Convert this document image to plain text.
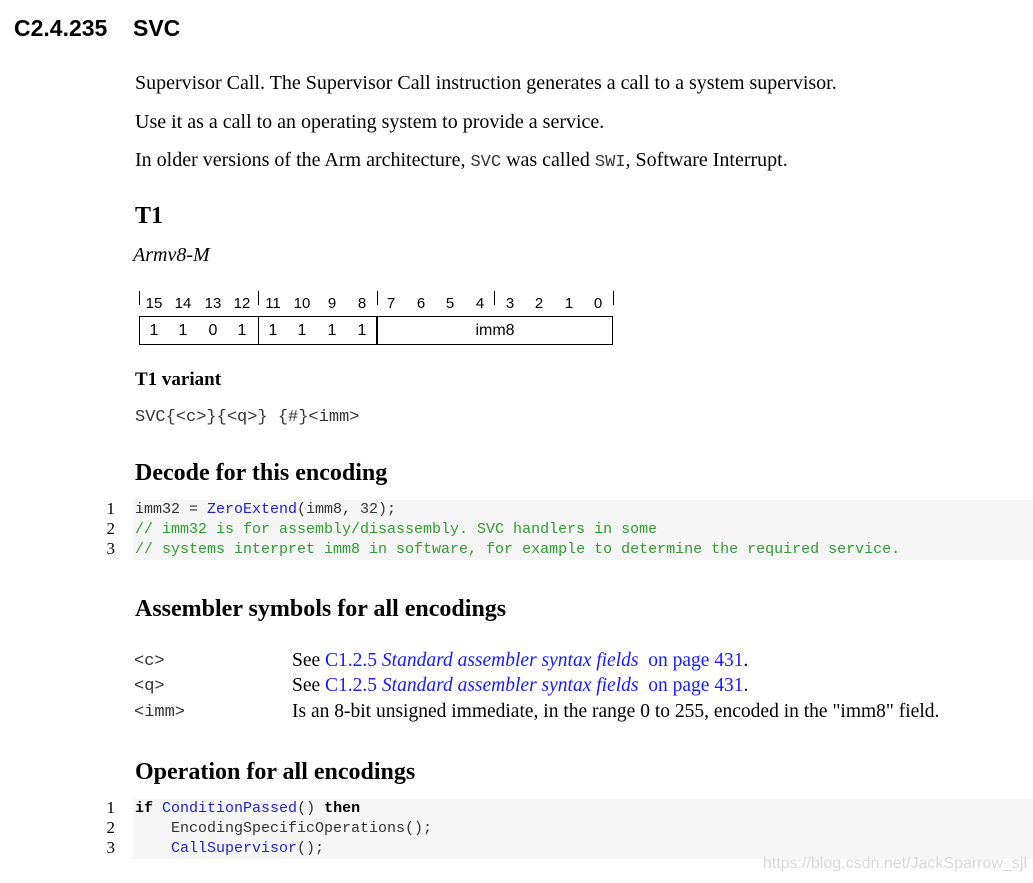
C2.4.235 SVC
Supervisor Call. The Supervisor Call instruction generates a call to a system supervisor.
Use it as a call to an operating system to provide a service.
In older versions of the Arm architecture, SVC was called SWI, Software Interrupt.
T1
Armv8-M
15 14 13 12 11 10	9	8	7	6	5	4	3	2	1	0
1	1	0	1	1	1	1	1	imm8
T1 variant
SVC{<c>}{<q>} {#}<imm>
Decode for this encoding
1
2
3
imm32 = ZeroExtend(imm8, 32);
// imm32 is for assembly/disassembly. SVC handlers in some
// systems interpret imm8 in software, for example to determine the required service.
Assembler symbols for all encodings
<c>	See C1.2.5 Standard assembler syntax fields  on page 431.
<q>	See C1.2.5 Standard assembler syntax fields  on page 431.
<imm>	Is an 8-bit unsigned immediate, in the range 0 to 255, encoded in the "imm8" field.
Operation for all encodings
1
2
3
if ConditionPassed() then
EncodingSpecificOperations();
CallSupervisor();
https://blog.csdn.net/JackSparrow_sjl
